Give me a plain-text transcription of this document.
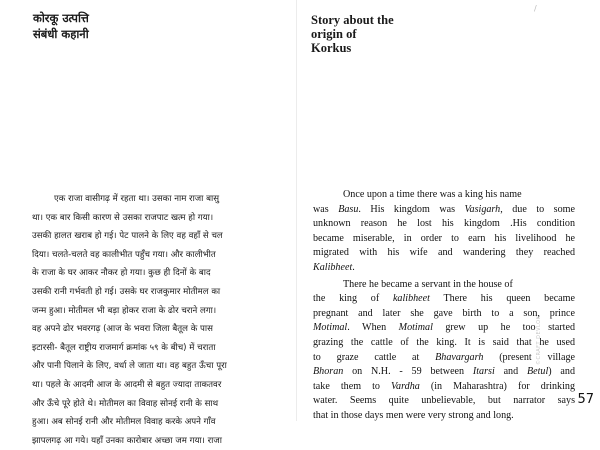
कोरकू उत्पत्ति
संबंधी कहानी
Story about the
origin of
Korkus
/
एक राजा वासीगढ़ में रहता था। उसका नाम राजा बासु
था। एक बार किसी कारण से उसका राजपाट खत्म हो गया।
उसकी हालत खराब हो गई। पेट पालने के लिए वह वहाँ से चल
दिया। चलते-चलते वह कालीभीत पहुँच गया। और कालीभीत
के राजा के घर आकर नौकर हो गया। कुछ ही दिनों के बाद
उसकी रानी गर्भवती हो गई। उसके घर राजकुमार मोतीमल का
जन्म हुआ। मोतीमल भी बड़ा होकर राजा के ढोर चराने लगा।
वह अपने ढोर भवरगढ़ (आज के भवरा जिला बैतूल के पास
इटारसी- बैतूल राष्ट्रीय राजमार्ग क्रमांक ५९ के बीच) में चराता
और पानी पिलाने के लिए, वर्धा ले जाता था। वह बहुत ऊँचा पूरा
था। पहले के आदमी आज के आदमी से बहुत ज्यादा ताकतवर
और ऊँचे पूरे होते थे। मोतीमल का विवाह सोनई रानी के साथ
हुआ। अब सोनई रानी और मोतीमल विवाह करके अपने गाँव
झापलगढ़ आ गये। यहाँ उनका कारोबार अच्छा जम गया। राजा
Once upon a time there was a king his name
was Basu. His kingdom was Vasigarh, due to some
unknown reason he lost his kingdom .His condition
became miserable, in order to earn his livelihood he
migrated with his wife and wandering they reached
Kalibheet.
There he became a servant in the house of
the king of kalibheet There his queen became
pregnant and later she gave birth to a son, prince
Motimal. When Motimal grew up he too started
grazing the cattle of the king. It is said that he used
to graze cattle at Bhavargarh (present village
Bhoran on N.H. - 59 between Itarsi and Betul) and
take them to Vardha (in Maharashtra) for drinking
water. Seems quite unbelievable, but narrator says
that in those days men were very strong and long.
©CRAFT DEVLOK
57
